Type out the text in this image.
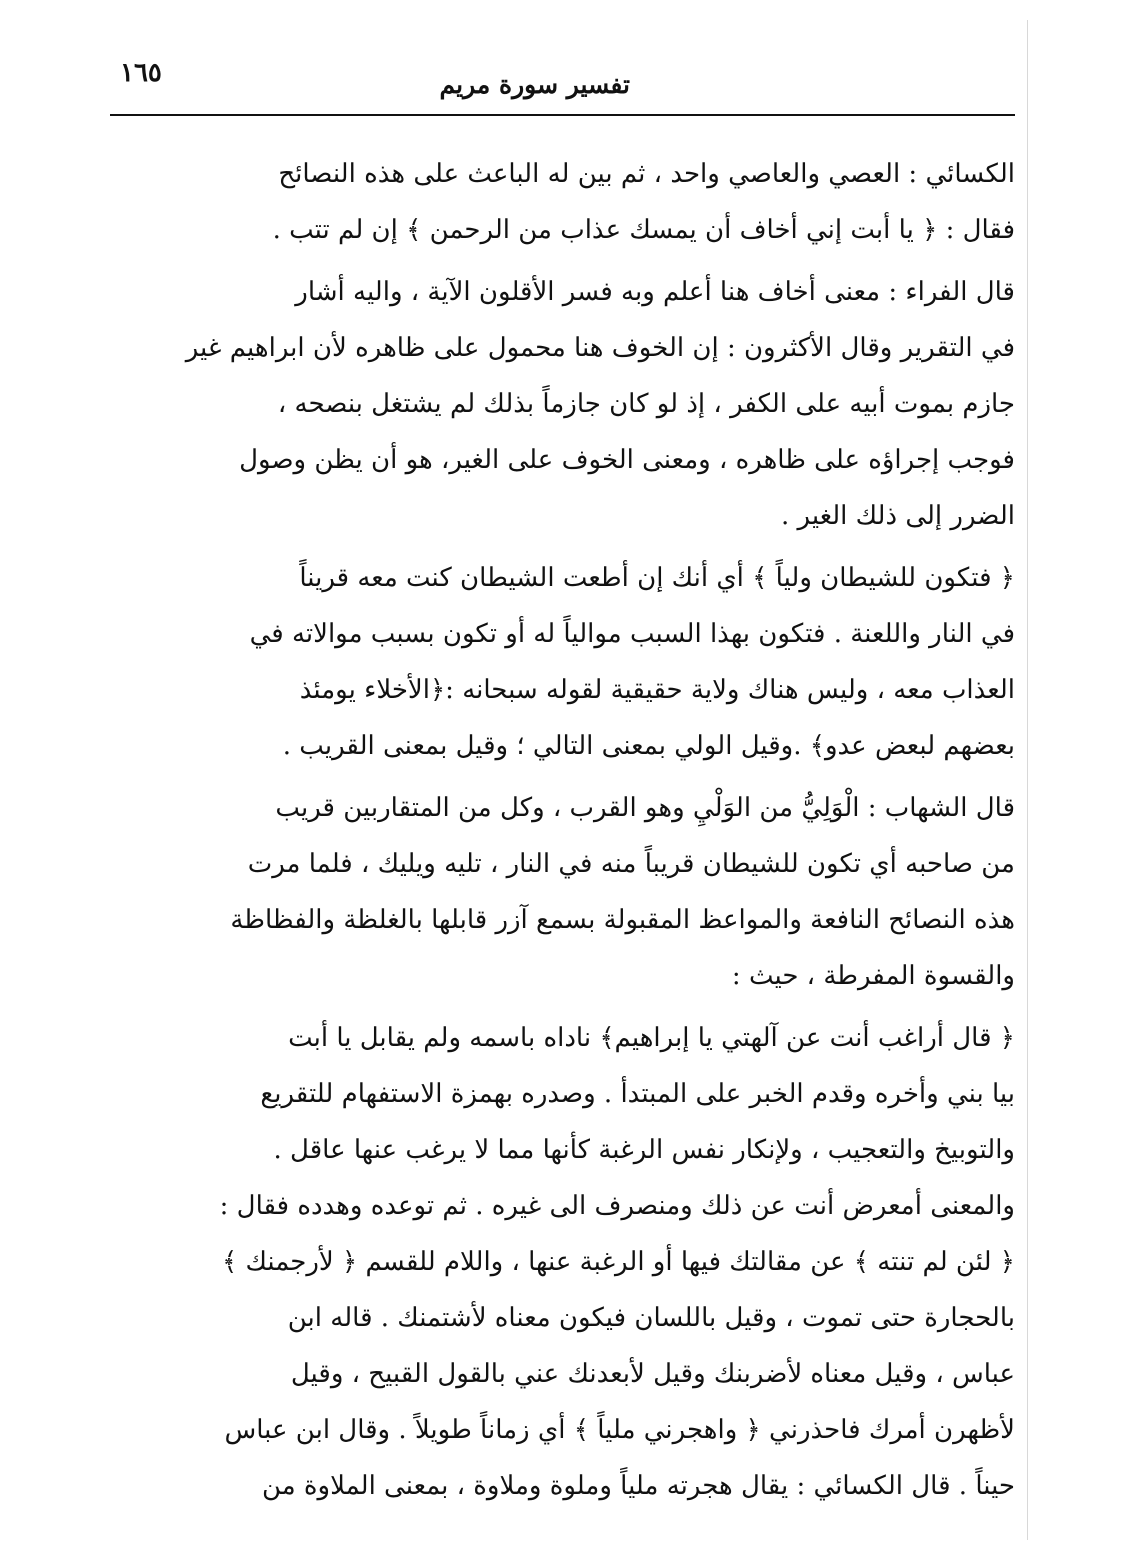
تفسير سورة مريم
١٦٥
الكسائي : العصي والعاصي واحد ، ثم بين له الباعث على هذه النصائح
فقال : ﴿ يا أبت إني أخاف أن يمسك عذاب من الرحمن ﴾ إن لم تتب .
قال الفراء : معنى أخاف هنا أعلم وبه فسر الأقلون الآية ، واليه أشار
في التقرير وقال الأكثرون : إن الخوف هنا محمول على ظاهره لأن ابراهيم غير
جازم بموت أبيه على الكفر ، إذ لو كان جازماً بذلك لم يشتغل بنصحه ،
فوجب إجراؤه على ظاهره ، ومعنى الخوف على الغير، هو أن يظن وصول
الضرر إلى ذلك الغير .
﴿ فتكون للشيطان ولياً ﴾ أي أنك إن أطعت الشيطان كنت معه قريناً
في النار واللعنة . فتكون بهذا السبب موالياً له أو تكون بسبب موالاته في
العذاب معه ، وليس هناك ولاية حقيقية لقوله سبحانه :﴿الأخلاء يومئذ
بعضهم لبعض عدو﴾ .وقيل الولي بمعنى التالي ؛ وقيل بمعنى القريب .
قال الشهاب : الْوَلِيُّ من الوَلْيِ وهو القرب ، وكل من المتقاربين قريب
من صاحبه أي تكون للشيطان قريباً منه في النار ، تليه ويليك ، فلما مرت
هذه النصائح النافعة والمواعظ المقبولة بسمع آزر قابلها بالغلظة والفظاظة
والقسوة المفرطة ، حيث :
﴿ قال أراغب أنت عن آلهتي يا إبراهيم﴾ ناداه باسمه ولم يقابل يا أبت
بيا بني وأخره وقدم الخبر على المبتدأ . وصدره بهمزة الاستفهام للتقريع
والتوبيخ والتعجيب ، ولإنكار نفس الرغبة كأنها مما لا يرغب عنها عاقل .
والمعنى أمعرض أنت عن ذلك ومنصرف الى غيره . ثم توعده وهدده فقال :
﴿ لئن لم تنته ﴾ عن مقالتك فيها أو الرغبة عنها ، واللام للقسم ﴿ لأرجمنك ﴾
بالحجارة حتى تموت ، وقيل باللسان فيكون معناه لأشتمنك . قاله ابن
عباس ، وقيل معناه لأضربنك وقيل لأبعدنك عني بالقول القبيح ، وقيل
لأظهرن أمرك فاحذرني ﴿ واهجرني ملياً ﴾ أي زماناً طويلاً . وقال ابن عباس
حيناً . قال الكسائي : يقال هجرته ملياً وملوة وملاوة ، بمعنى الملاوة من
